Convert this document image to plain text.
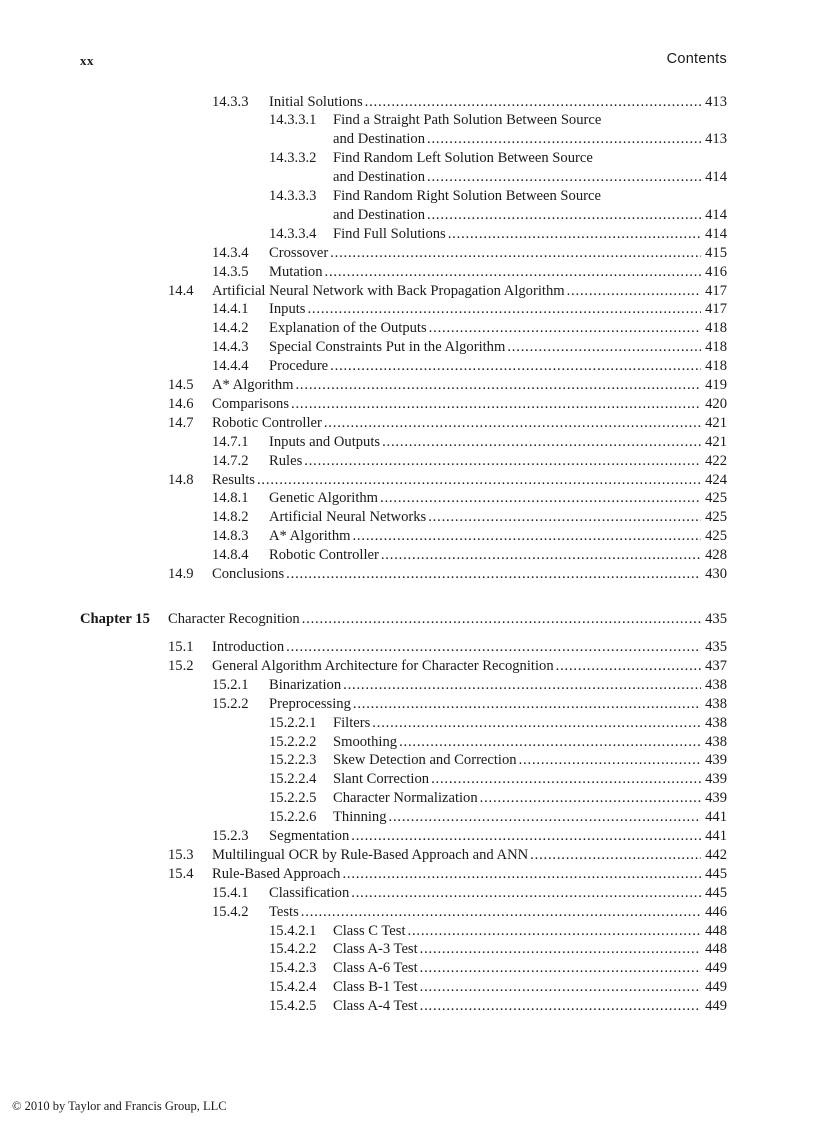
xx	Contents
14.3.3	Initial Solutions .....	413
14.3.3.1	Find a Straight Path Solution Between Source
and Destination .....	413
14.3.3.2	Find Random Left Solution Between Source
and Destination .....	414
14.3.3.3	Find Random Right Solution Between Source
and Destination .....	414
14.3.3.4	Find Full Solutions .....	414
14.3.4	Crossover .....	415
14.3.5	Mutation .....	416
14.4	Artificial Neural Network with Back Propagation Algorithm .....	417
14.4.1	Inputs .....	417
14.4.2	Explanation of the Outputs .....	418
14.4.3	Special Constraints Put in the Algorithm .....	418
14.4.4	Procedure .....	418
14.5	A* Algorithm .....	419
14.6	Comparisons .....	420
14.7	Robotic Controller .....	421
14.7.1	Inputs and Outputs .....	421
14.7.2	Rules .....	422
14.8	Results .....	424
14.8.1	Genetic Algorithm .....	425
14.8.2	Artificial Neural Networks .....	425
14.8.3	A* Algorithm .....	425
14.8.4	Robotic Controller .....	428
14.9	Conclusions .....	430
Chapter 15	Character Recognition .....	435
15.1	Introduction .....	435
15.2	General Algorithm Architecture for Character Recognition .....	437
15.2.1	Binarization .....	438
15.2.2	Preprocessing .....	438
15.2.2.1	Filters .....	438
15.2.2.2	Smoothing .....	438
15.2.2.3	Skew Detection and Correction .....	439
15.2.2.4	Slant Correction .....	439
15.2.2.5	Character Normalization .....	439
15.2.2.6	Thinning .....	441
15.2.3	Segmentation .....	441
15.3	Multilingual OCR by Rule-Based Approach and ANN .....	442
15.4	Rule-Based Approach .....	445
15.4.1	Classification .....	445
15.4.2	Tests .....	446
15.4.2.1	Class C Test .....	448
15.4.2.2	Class A-3 Test .....	448
15.4.2.3	Class A-6 Test .....	449
15.4.2.4	Class B-1 Test .....	449
15.4.2.5	Class A-4 Test .....	449
© 2010 by Taylor and Francis Group, LLC
